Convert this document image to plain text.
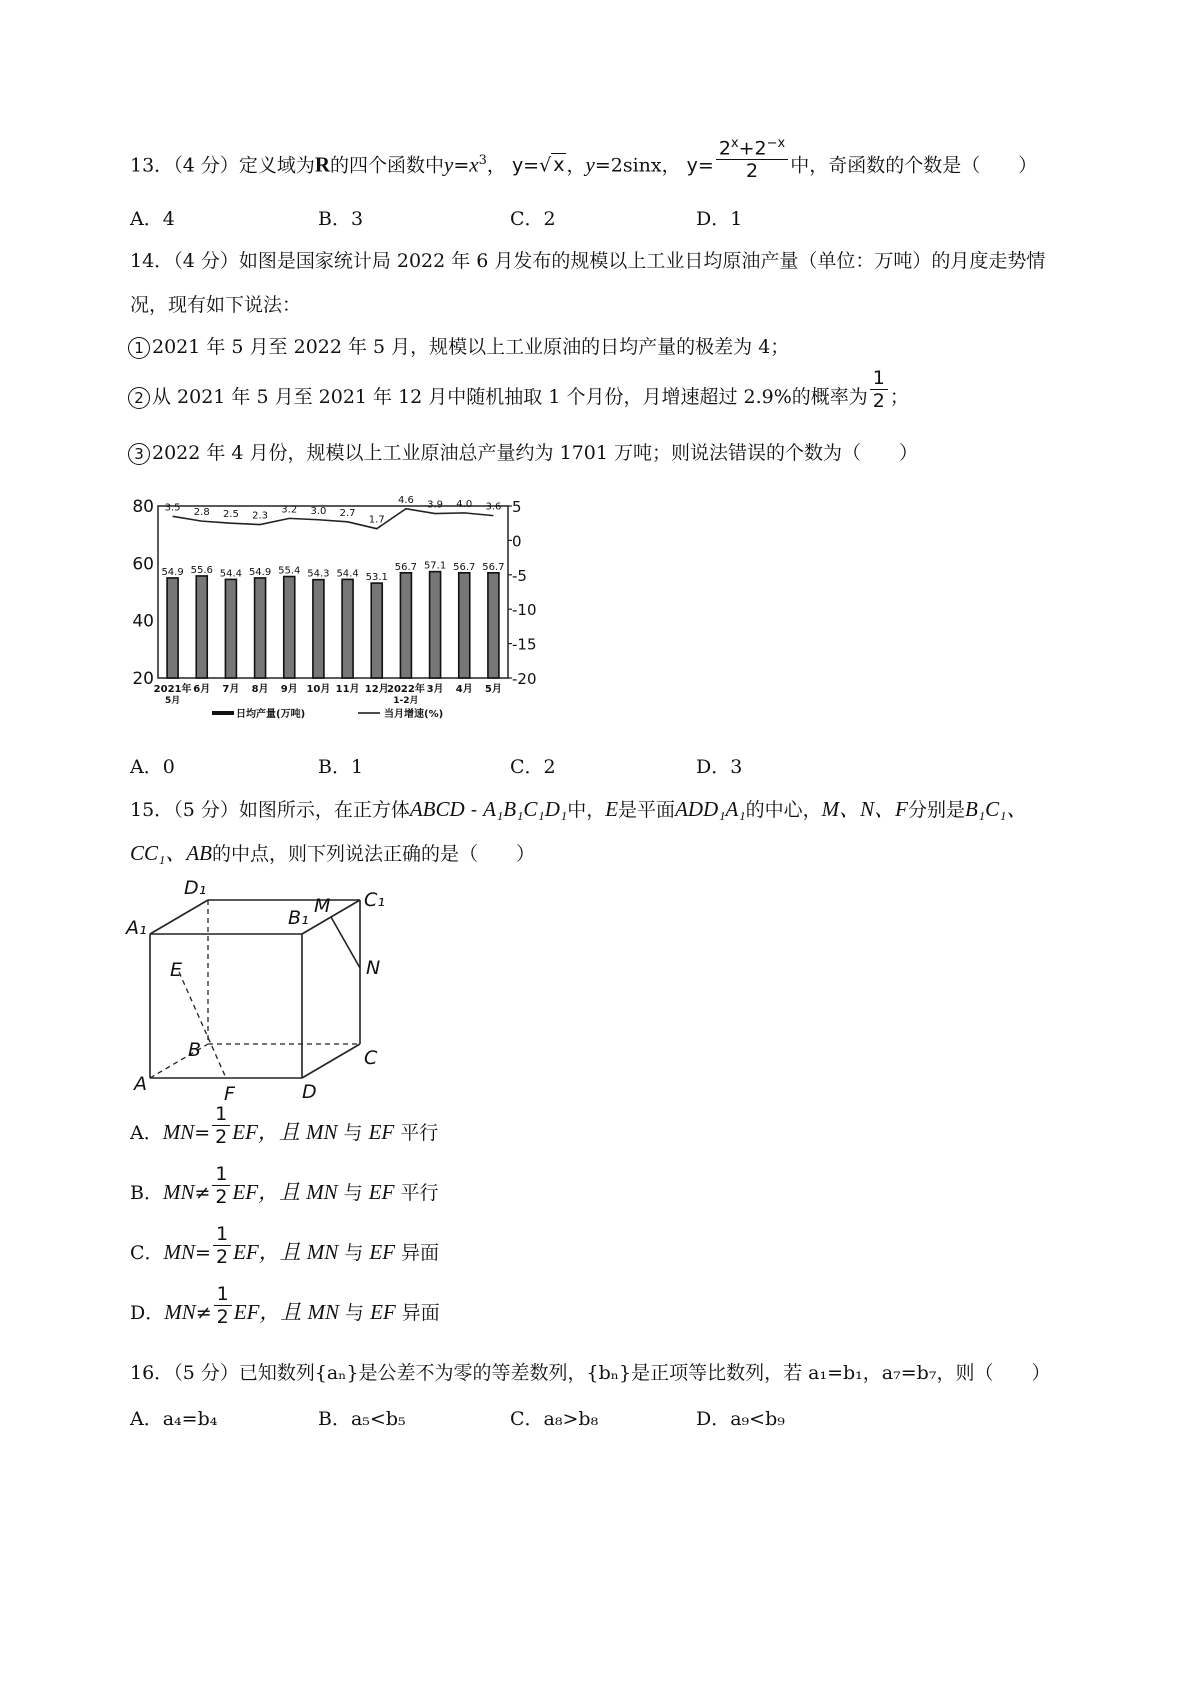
13．（4 分）定义域为R的四个函数中$y=x^3$， y=√ x ，y=2sinx， $y= \frac{2^x+2^{-x}}{2}$ 中，奇函数的个数是（　　）
A．4	B．3	C．2	D．1
14．（4 分）如图是国家统计局 2022 年 6 月发布的规模以上工业日均原油产量（单位：万吨）的月度走势情
况，现有如下说法：
1 2021 年 5 月至 2022 年 5 月，规模以上工业原油的日均产量的极差为 4；
2 从 2021 年 5 月至 2021 年 12 月中随机抽取 1 个月份，月增速超过 2.9%的概率为 $\frac{1}{2}$ ；
3 2022 年 4 月份，规模以上工业原油总产量约为 1701 万吨；则说法错误的个数为（　　）
54.9 55.6 54.4 54.9 55.4 54.3 54.4 53.1
56.7 57.1 56.7 56.7
3.5 2.8 2.5 2.3
3.2 3.0 2.7
1.7
4.6 3.9 4.0 3.6
80
60
40
20
5
0
-5
-10
-15
-20
2021年
5月
6月 7月 8月 9月 10月 11月 12月
2022年
1-2月
3月 4月 5月
日均产量(万吨)	当月增速(%)
A．0	B．1	C．2	D．3
15．（5 分）如图所示，在正方体ABCD - A₁B₁C₁D₁中，E是平面ADD₁A₁的中心，M、N、F分别是B₁C₁、
CC₁、AB的中点，则下列说法正确的是（　　）
D₁
C₁
A₁	B₁
M
N
E
B	C
A	F	D
A．$MN= \frac{1}{2}$ EF，且 MN 与 EF 平行
B．$MN\ne \frac{1}{2}$ EF，且 MN 与 EF 平行
C．$MN= \frac{1}{2}$ EF，且 MN 与 EF 异面
D．$MN\ne \frac{1}{2}$ EF，且 MN 与 EF 异面
16．（5 分）已知数列{aₙ}是公差不为零的等差数列，{bₙ}是正项等比数列，若 a₁=b₁，a₇=b₇，则（　　）
A．a₄=b₄	B．a₅<b₅	C．a₈>b₈	D．a₉<b₉
